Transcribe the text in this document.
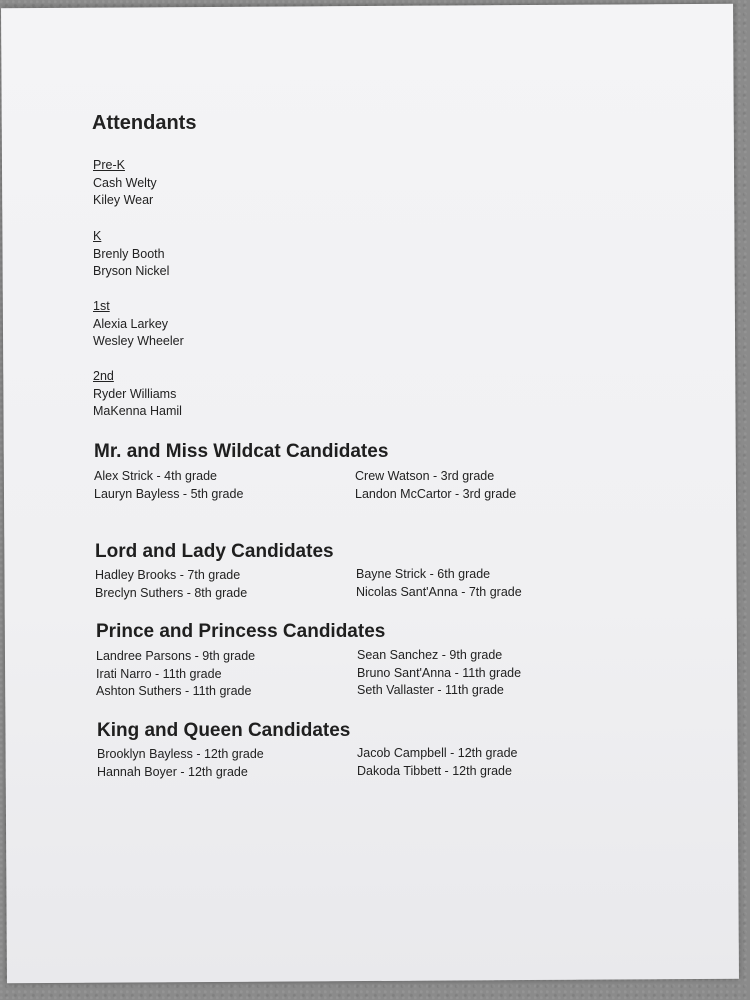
Attendants
Pre-K
Cash Welty
Kiley Wear
K
Brenly Booth
Bryson Nickel
1st
Alexia Larkey
Wesley Wheeler
2nd
Ryder Williams
MaKenna Hamil
Mr. and Miss Wildcat Candidates
Alex Strick - 4th grade
Lauryn Bayless - 5th grade
Crew Watson - 3rd grade
Landon McCartor - 3rd grade
Lord and Lady Candidates
Hadley Brooks - 7th grade
Breclyn Suthers - 8th grade
Bayne Strick - 6th grade
Nicolas Sant'Anna - 7th grade
Prince and Princess Candidates
Landree Parsons - 9th grade
Irati Narro - 11th grade
Ashton Suthers - 11th grade
Sean Sanchez - 9th grade
Bruno Sant'Anna - 11th grade
Seth Vallaster - 11th grade
King and Queen Candidates
Brooklyn Bayless - 12th grade
Hannah Boyer - 12th grade
Jacob Campbell - 12th grade
Dakoda Tibbett - 12th grade
